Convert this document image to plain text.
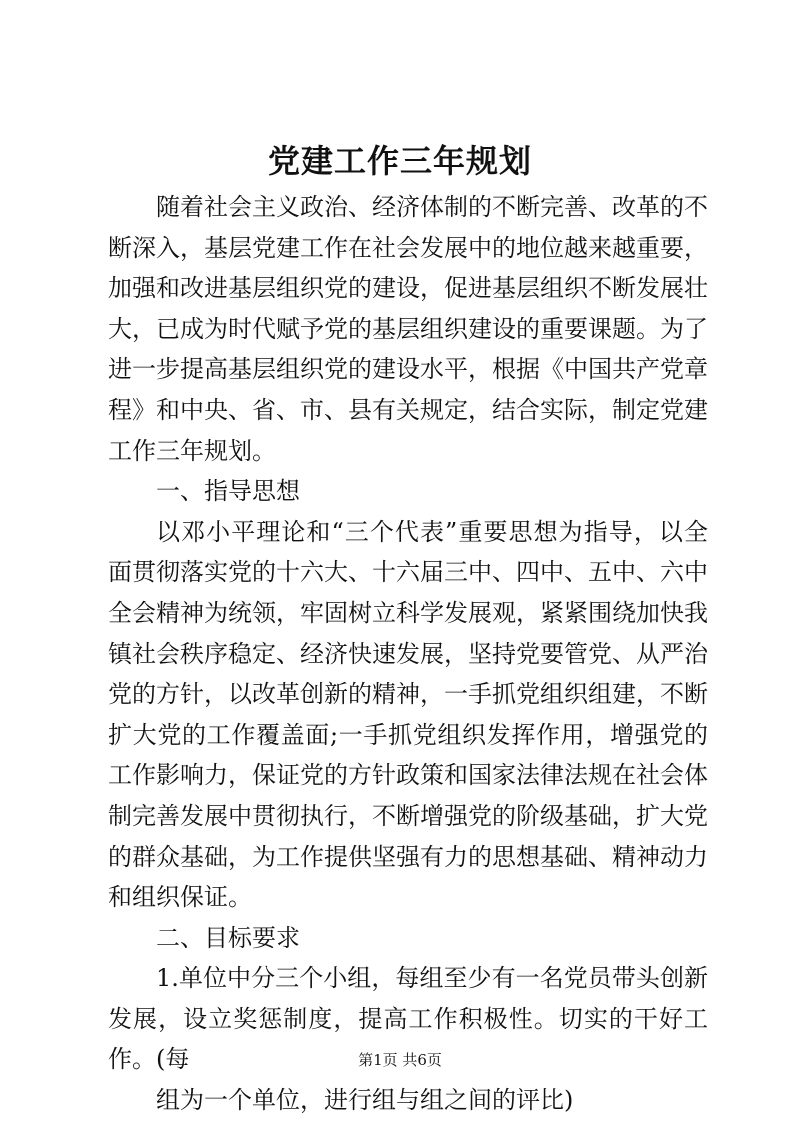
党建工作三年规划

随着社会主义政治、经济体制的不断完善、改革的不断深入，基层党建工作在社会发展中的地位越来越重要，加强和改进基层组织党的建设，促进基层组织不断发展壮大，已成为时代赋予党的基层组织建设的重要课题。为了进一步提高基层组织党的建设水平，根据《中国共产党章程》和中央、省、市、县有关规定，结合实际，制定党建工作三年规划。

一、指导思想

以邓小平理论和“三个代表”重要思想为指导，以全面贯彻落实党的十六大、十六届三中、四中、五中、六中全会精神为统领，牢固树立科学发展观，紧紧围绕加快我镇社会秩序稳定、经济快速发展，坚持党要管党、从严治党的方针，以改革创新的精神，一手抓党组织组建，不断扩大党的工作覆盖面;一手抓党组织发挥作用，增强党的工作影响力，保证党的方针政策和国家法律法规在社会体制完善发展中贯彻执行，不断增强党的阶级基础，扩大党的群众基础，为工作提供坚强有力的思想基础、精神动力和组织保证。

二、目标要求

1.单位中分三个小组，每组至少有一名党员带头创新发展，设立奖惩制度，提高工作积极性。切实的干好工作。(每

组为一个单位，进行组与组之间的评比)

第1页 共6页
